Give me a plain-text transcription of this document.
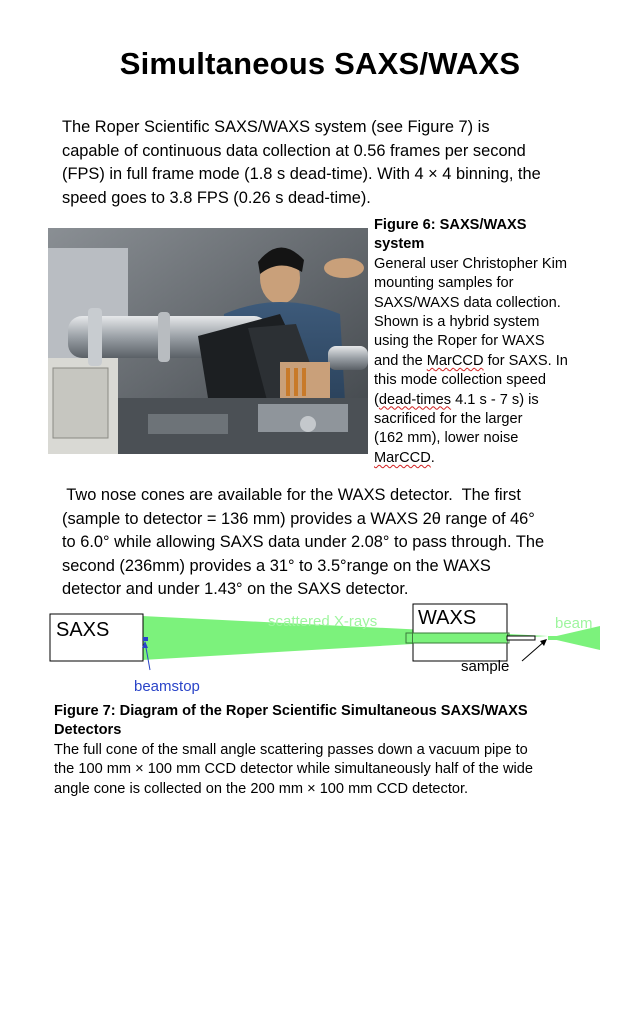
Simultaneous SAXS/WAXS

The Roper Scientific SAXS/WAXS system (see Figure 7) is
capable of continuous data collection at 0.56 frames per second
(FPS) in full frame mode (1.8 s dead-time). With 4 × 4 binning, the
speed goes to 3.8 FPS (0.26 s dead-time).

Figure 6: SAXS/WAXS
system
General user Christopher Kim
mounting samples for
SAXS/WAXS data collection.
Shown is a hybrid system
using the Roper for WAXS
and the MarCCD for SAXS. In
this mode collection speed
(dead-times 4.1 s - 7 s) is
sacrificed for the larger
(162 mm), lower noise
MarCCD.

Two nose cones are available for the WAXS detector.  The first
(sample to detector = 136 mm) provides a WAXS 2θ range of 46°
to 6.0° while allowing SAXS data under 2.08° to pass through. The
second (236mm) provides a 31° to 3.5°range on the WAXS
detector and under 1.43° on the SAXS detector.

SAXS
beamstop
WAXS
sample
scattered X-rays	beam
Figure 7: Diagram of the Roper Scientific Simultaneous SAXS/WAXS
Detectors
The full cone of the small angle scattering passes down a vacuum pipe to
the 100 mm × 100 mm CCD detector while simultaneously half of the wide
angle cone is collected on the 200 mm × 100 mm CCD detector.
